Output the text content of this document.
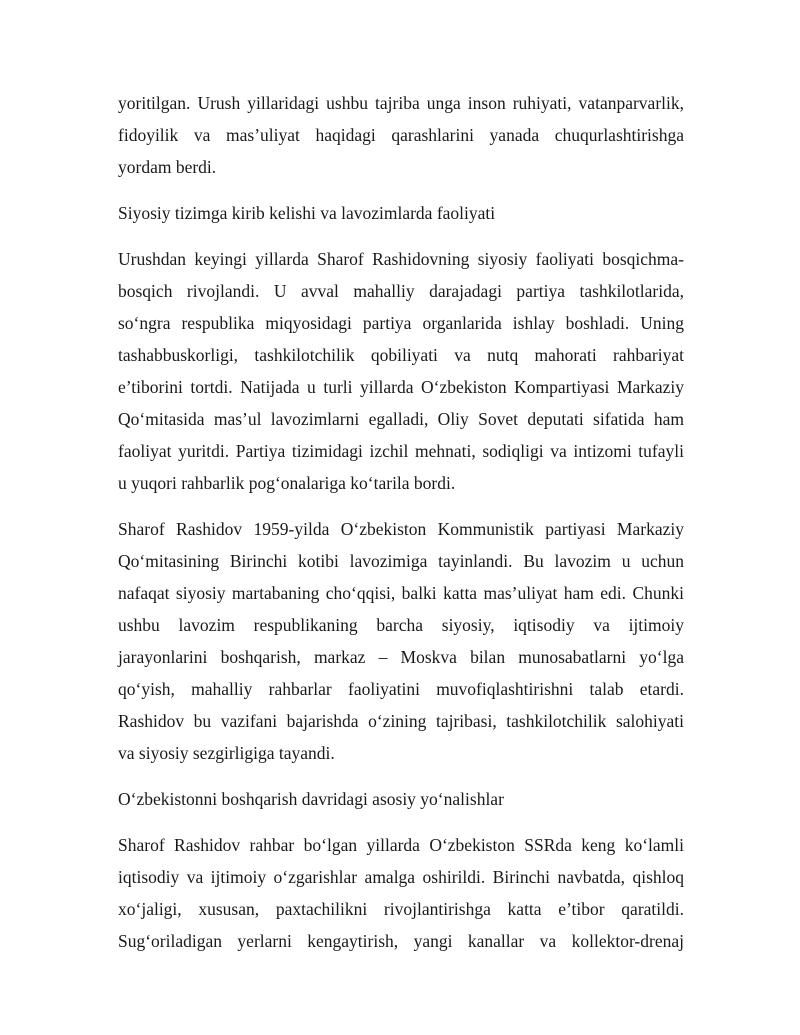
yoritilgan. Urush yillaridagi ushbu tajriba unga inson ruhiyati, vatanparvarlik,
fidoyilik va mas’uliyat haqidagi qarashlarini yanada chuqurlashtirishga
yordam berdi.
Siyosiy tizimga kirib kelishi va lavozimlarda faoliyati
Urushdan keyingi yillarda Sharof Rashidovning siyosiy faoliyati bosqichma-
bosqich rivojlandi. U avval mahalliy darajadagi partiya tashkilotlarida,
so‘ngra respublika miqyosidagi partiya organlarida ishlay boshladi. Uning
tashabbuskorligi, tashkilotchilik qobiliyati va nutq mahorati rahbariyat
e’tiborini tortdi. Natijada u turli yillarda O‘zbekiston Kompartiyasi Markaziy
Qo‘mitasida mas’ul lavozimlarni egalladi, Oliy Sovet deputati sifatida ham
faoliyat yuritdi. Partiya tizimidagi izchil mehnati, sodiqligi va intizomi tufayli
u yuqori rahbarlik pog‘onalariga ko‘tarila bordi.
Sharof Rashidov 1959-yilda O‘zbekiston Kommunistik partiyasi Markaziy
Qo‘mitasining Birinchi kotibi lavozimiga tayinlandi. Bu lavozim u uchun
nafaqat siyosiy martabaning cho‘qqisi, balki katta mas’uliyat ham edi. Chunki
ushbu lavozim respublikaning barcha siyosiy, iqtisodiy va ijtimoiy
jarayonlarini boshqarish, markaz – Moskva bilan munosabatlarni yo‘lga
qo‘yish, mahalliy rahbarlar faoliyatini muvofiqlashtirishni talab etardi.
Rashidov bu vazifani bajarishda o‘zining tajribasi, tashkilotchilik salohiyati
va siyosiy sezgirligiga tayandi.
O‘zbekistonni boshqarish davridagi asosiy yo‘nalishlar
Sharof Rashidov rahbar bo‘lgan yillarda O‘zbekiston SSRda keng ko‘lamli
iqtisodiy va ijtimoiy o‘zgarishlar amalga oshirildi. Birinchi navbatda, qishloq
xo‘jaligi, xususan, paxtachilikni rivojlantirishga katta e’tibor qaratildi.
Sug‘oriladigan yerlarni kengaytirish, yangi kanallar va kollektor-drenaj
